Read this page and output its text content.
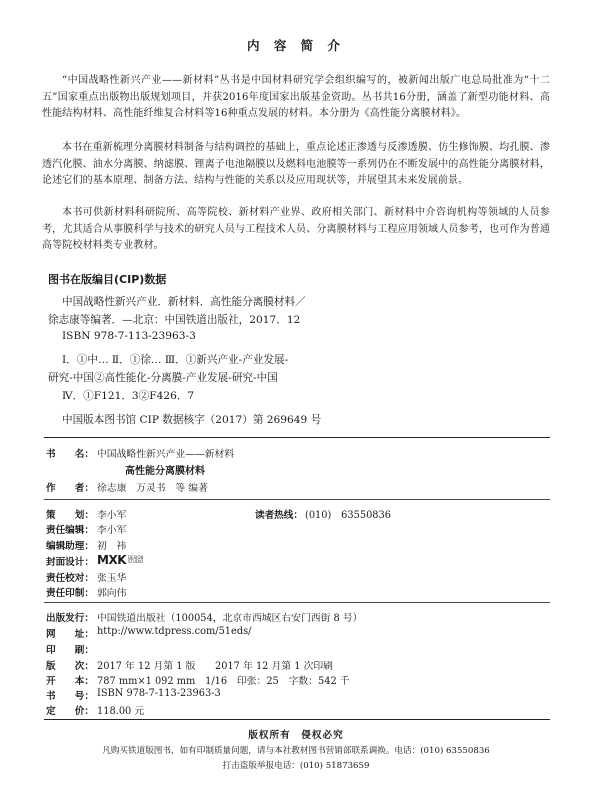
内 容 简 介

“中国战略性新兴产业——新材料”丛书是中国材料研究学会组织编写的，被新闻出版广电总局批准为“十二五”国家重点出版物出版规划项目，并获2016年度国家出版基金资助。丛书共16分册，涵盖了新型功能材料、高性能结构材料、高性能纤维复合材料等16种重点发展的材料。本分册为《高性能分离膜材料》。

本书在重新梳理分离膜材料制备与结构调控的基础上，重点论述正渗透与反渗透膜、仿生修饰膜、均孔膜、渗透汽化膜、油水分离膜、纳滤膜、锂离子电池隔膜以及燃料电池膜等一系列仍在不断发展中的高性能分离膜材料，论述它们的基本原理、制备方法、结构与性能的关系以及应用现状等，并展望其未来发展前景。

本书可供新材料科研院所、高等院校、新材料产业界、政府相关部门、新材料中介咨询机构等领域的人员参考，尤其适合从事膜科学与技术的研究人员与工程技术人员、分离膜材料与工程应用领域人员参考，也可作为普通高等院校材料类专业教材。

图书在版编目(CIP)数据
中国战略性新兴产业．新材料．高性能分离膜材料／
徐志康等编著．—北京：中国铁道出版社，2017．12
ISBN 978-7-113-23963-3
Ⅰ．①中… Ⅱ．①徐… Ⅲ．①新兴产业-产业发展-
研究-中国②高性能化-分离膜-产业发展-研究-中国
Ⅳ．①F121．3②F426．7
中国版本图书馆 CIP 数据核字（2017）第 269649 号
书　　名： 中国战略性新兴产业——新材料
高性能分离膜材料
作　　者： 徐志康　万灵书　等 编著
策　　划： 李小军	读者热线： (010)　63550836
责任编辑： 李小军
编辑助理： 初　祎
封面设计： MXK DESIGN
STUDIO
责任校对： 张玉华
责任印制： 郭向伟
出版发行： 中国铁道出版社（100054，北京市西城区右安门西街 8 号）
网　　址： http://www.tdpress.com/51eds/
印　　刷：
版　　次： 2017 年 12 月第 1 版　　2017 年 12 月第 1 次印刷
开　　本： 787 mm×1 092 mm　1/16　印张：25　字数：542 千
书　　号： ISBN 978-7-113-23963-3
定　　价： 118.00 元
版权所有　侵权必究
凡购买铁道版图书，如有印制质量问题，请与本社教材图书营销部联系调换。电话：(010) 63550836
打击盗版举报电话：(010) 51873659
